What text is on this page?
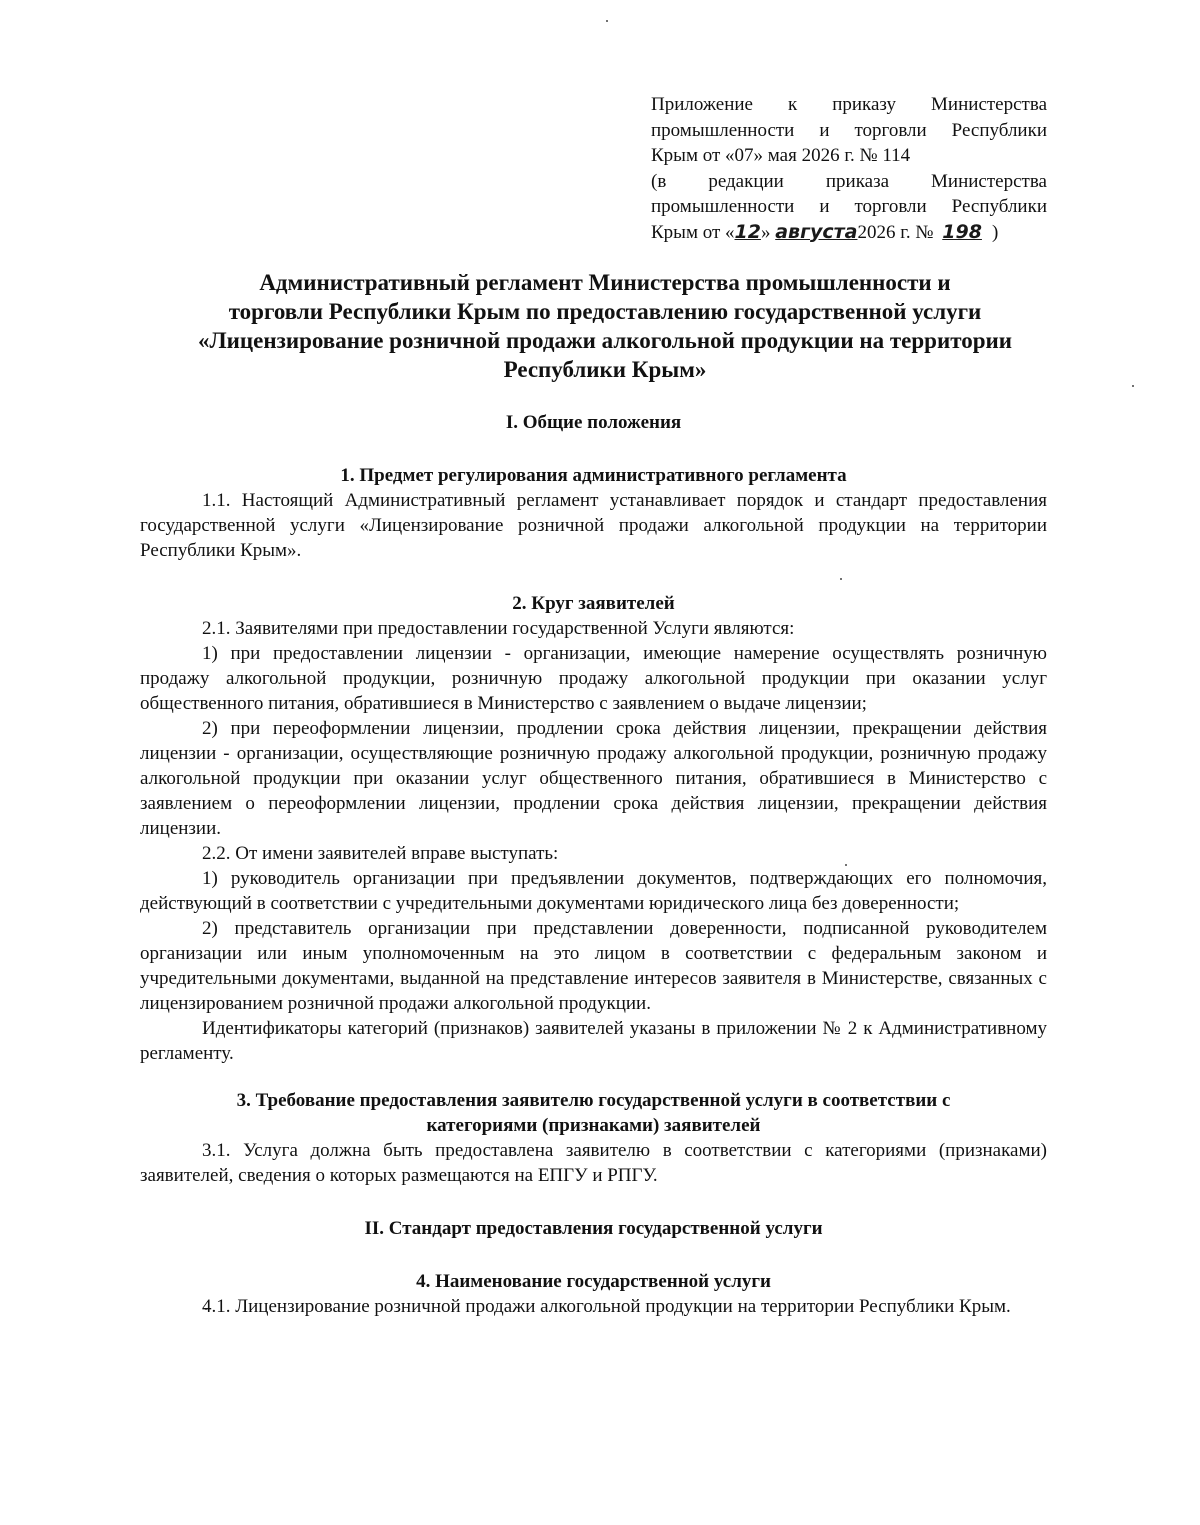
Приложение к приказу Министерства
промышленности и торговли Республики
Крым от «07» мая 2026 г. № 114
(в редакции приказа Министерства
промышленности и торговли Республики
Крым от «12» августа2026 г. № 198 )
Административный регламент Министерства промышленности и
торговли Республики Крым по предоставлению государственной услуги
«Лицензирование розничной продажи алкогольной продукции на территории
Республики Крым»
I. Общие положения
1. Предмет регулирования административного регламента

1.1. Настоящий Административный регламент устанавливает порядок и стандарт предоставления государственной услуги «Лицензирование розничной продажи алкогольной продукции на территории Республики Крым».

2. Круг заявителей

2.1. Заявителями при предоставлении государственной Услуги являются:

1) при предоставлении лицензии - организации, имеющие намерение осуществлять розничную продажу алкогольной продукции, розничную продажу алкогольной продукции при оказании услуг общественного питания, обратившиеся в Министерство с заявлением о выдаче лицензии;

2) при переоформлении лицензии, продлении срока действия лицензии, прекращении действия лицензии - организации, осуществляющие розничную продажу алкогольной продукции, розничную продажу алкогольной продукции при оказании услуг общественного питания, обратившиеся в Министерство с заявлением о переоформлении лицензии, продлении срока действия лицензии, прекращении действия лицензии.

2.2. От имени заявителей вправе выступать:

1) руководитель организации при предъявлении документов, подтверждающих его полномочия, действующий в соответствии с учредительными документами юридического лица без доверенности;

2) представитель организации при представлении доверенности, подписанной руководителем организации или иным уполномоченным на это лицом в соответствии с федеральным законом и учредительными документами, выданной на представление интересов заявителя в Министерстве, связанных с лицензированием розничной продажи алкогольной продукции.

Идентификаторы категорий (признаков) заявителей указаны в приложении № 2 к Административному регламенту.

3. Требование предоставления заявителю государственной услуги в соответствии с
категориями (признаками) заявителей

3.1. Услуга должна быть предоставлена заявителю в соответствии с категориями (признаками) заявителей, сведения о которых размещаются на ЕПГУ и РПГУ.

II. Стандарт предоставления государственной услуги
4. Наименование государственной услуги

4.1. Лицензирование розничной продажи алкогольной продукции на территории Республики Крым.
